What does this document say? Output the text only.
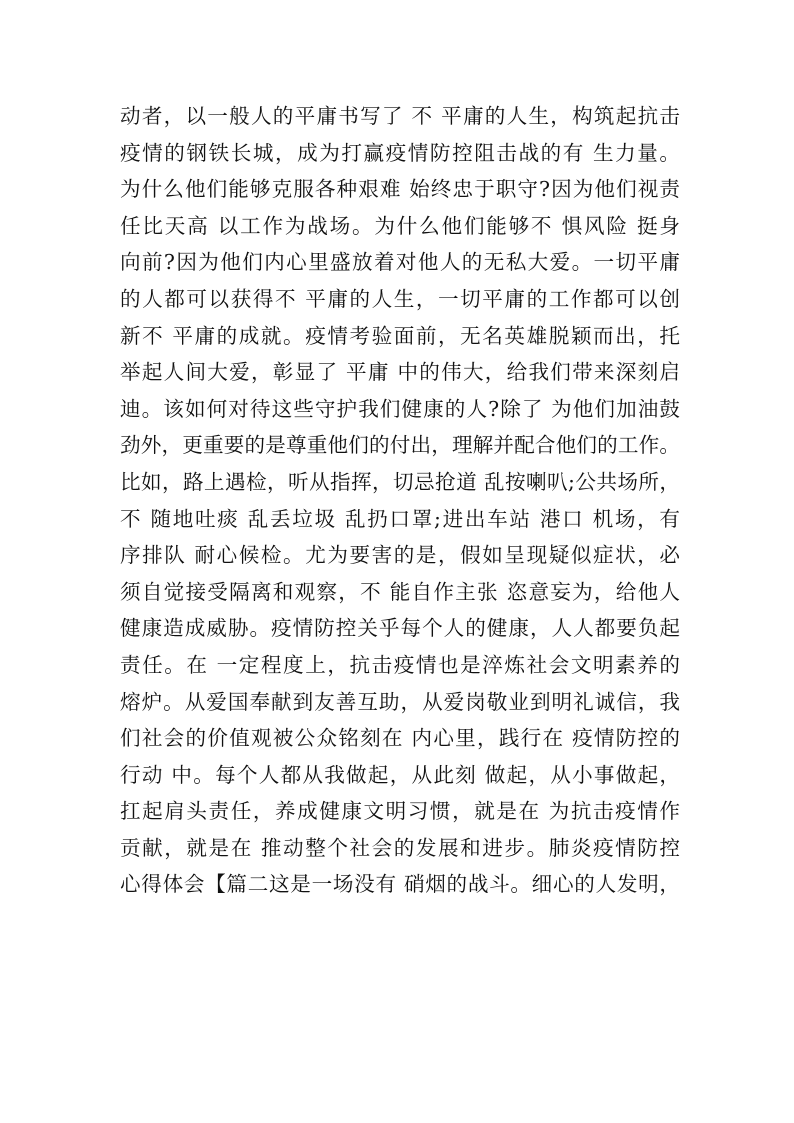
动者，以一般人的平庸书写了 不 平庸的人生，构筑起抗击
疫情的钢铁长城，成为打赢疫情防控阻击战的有 生力量。
为什么他们能够克服各种艰难 始终忠于职守?因为他们视责
任比天高 以工作为战场。为什么他们能够不 惧风险 挺身
向前?因为他们内心里盛放着对他人的无私大爱。一切平庸
的人都可以获得不 平庸的人生，一切平庸的工作都可以创
新不 平庸的成就。疫情考验面前，无名英雄脱颖而出，托
举起人间大爱，彰显了 平庸 中的伟大，给我们带来深刻启
迪。该如何对待这些守护我们健康的人?除了 为他们加油鼓
劲外，更重要的是尊重他们的付出，理解并配合他们的工作。
比如，路上遇检，听从指挥，切忌抢道 乱按喇叭;公共场所，
不 随地吐痰 乱丢垃圾 乱扔口罩;进出车站 港口 机场，有
序排队 耐心候检。尤为要害的是，假如呈现疑似症状，必
须自觉接受隔离和观察，不 能自作主张 恣意妄为，给他人
健康造成威胁。疫情防控关乎每个人的健康，人人都要负起
责任。在 一定程度上，抗击疫情也是淬炼社会文明素养的
熔炉。从爱国奉献到友善互助，从爱岗敬业到明礼诚信，我
们社会的价值观被公众铭刻在 内心里，践行在 疫情防控的
行动 中。每个人都从我做起，从此刻 做起，从小事做起，
扛起肩头责任，养成健康文明习惯，就是在 为抗击疫情作
贡献，就是在 推动整个社会的发展和进步。肺炎疫情防控
心得体会【篇二这是一场没有 硝烟的战斗。细心的人发明，
